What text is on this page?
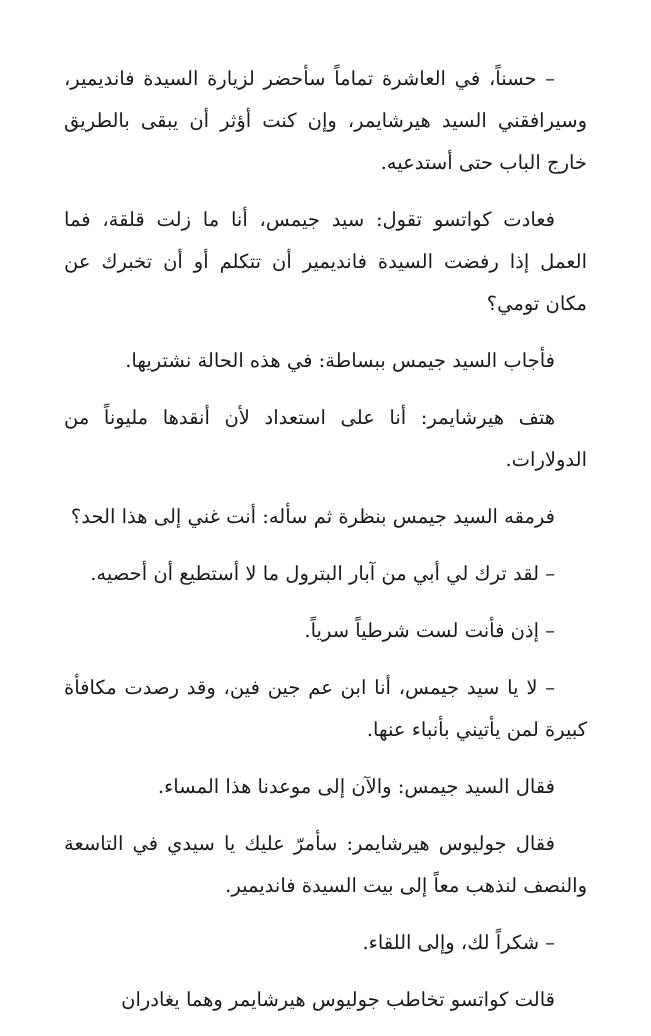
– حسناً، في العاشرة تماماً سأحضر لزيارة السيدة فانديمير، وسيرافقني السيد هيرشايمر، وإن كنت أؤثر أن يبقى بالطريق خارج الباب حتى أستدعيه.

فعادت كواتسو تقول: سيد جيمس، أنا ما زلت قلقة، فما العمل إذا رفضت السيدة فانديمير أن تتكلم أو أن تخبرك عن مكان تومي؟

فأجاب السيد جيمس ببساطة: في هذه الحالة نشتريها.

هتف هيرشايمر: أنا على استعداد لأن أنقدها مليوناً من الدولارات.

فرمقه السيد جيمس بنظرة ثم سأله: أنت غني إلى هذا الحد؟

– لقد ترك لي أبي من آبار البترول ما لا أستطيع أن أحصيه.

– إذن فأنت لست شرطياً سرياً.

– لا يا سيد جيمس، أنا ابن عم جين فين، وقد رصدت مكافأة كبيرة لمن يأتيني بأنباء عنها.

فقال السيد جيمس: والآن إلى موعدنا هذا المساء.

فقال جوليوس هيرشايمر: سأمرّ عليك يا سيدي في التاسعة والنصف لنذهب معاً إلى بيت السيدة فانديمير.

– شكراً لك، وإلى اللقاء.

قالت كواتسو تخاطب جوليوس هيرشايمر وهما يغادران
